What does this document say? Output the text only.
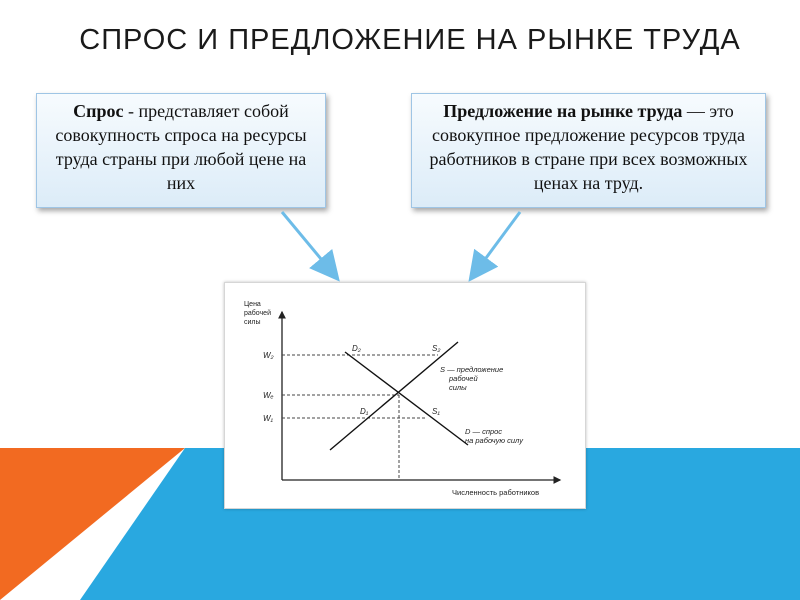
СПРОС И ПРЕДЛОЖЕНИЕ НА РЫНКЕ ТРУДА
Спрос - представляет собой совокупность спроса на ресурсы труда страны при любой цене на них
Предложение на рынке труда — это совокупное предложение ресурсов труда работников в стране при всех возможных ценах на труд.
Цена
рабочей
силы
Численность работников
W₂
Wₑ
W₁
D₂	S₂
D₁	S₁
S — предложение
рабочей
силы
D — спрос
на рабочую силу
